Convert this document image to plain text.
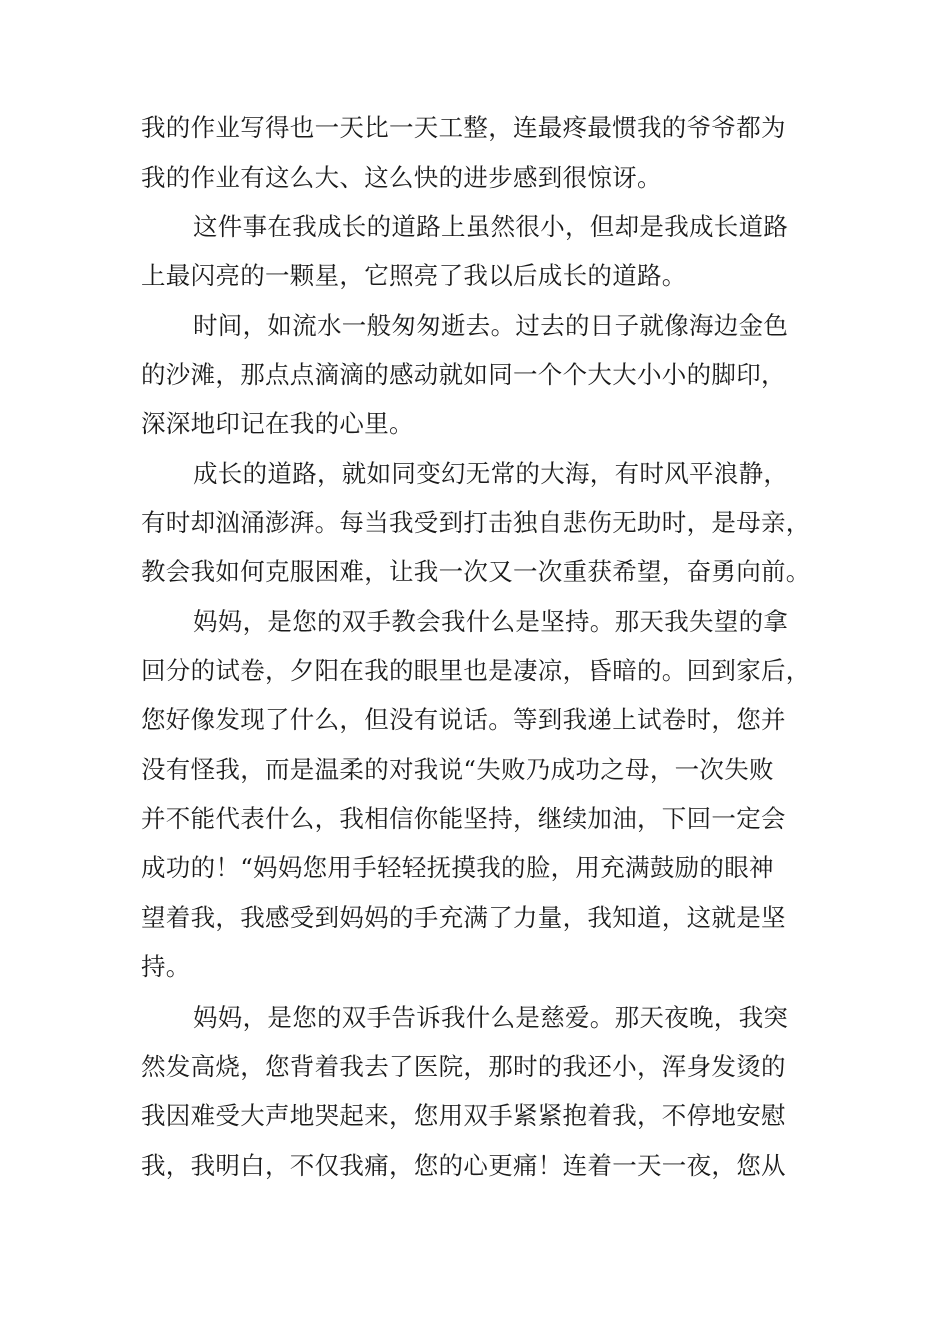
我的作业写得也一天比一天工整，连最疼最惯我的爷爷都为
我的作业有这么大、这么快的进步感到很惊讶。
这件事在我成长的道路上虽然很小，但却是我成长道路
上最闪亮的一颗星，它照亮了我以后成长的道路。
时间，如流水一般匆匆逝去。过去的日子就像海边金色
的沙滩，那点点滴滴的感动就如同一个个大大小小的脚印，
深深地印记在我的心里。
成长的道路，就如同变幻无常的大海，有时风平浪静，
有时却汹涌澎湃。每当我受到打击独自悲伤无助时，是母亲，
教会我如何克服困难，让我一次又一次重获希望，奋勇向前。
妈妈，是您的双手教会我什么是坚持。那天我失望的拿
回分的试卷，夕阳在我的眼里也是凄凉，昏暗的。回到家后，
您好像发现了什么，但没有说话。等到我递上试卷时，您并
没有怪我，而是温柔的对我说“失败乃成功之母，一次失败
并不能代表什么，我相信你能坚持，继续加油，下回一定会
成功的！“妈妈您用手轻轻抚摸我的脸，用充满鼓励的眼神
望着我，我感受到妈妈的手充满了力量，我知道，这就是坚
持。
妈妈，是您的双手告诉我什么是慈爱。那天夜晚，我突
然发高烧，您背着我去了医院，那时的我还小，浑身发烫的
我因难受大声地哭起来，您用双手紧紧抱着我，不停地安慰
我，我明白，不仅我痛，您的心更痛！连着一天一夜，您从
